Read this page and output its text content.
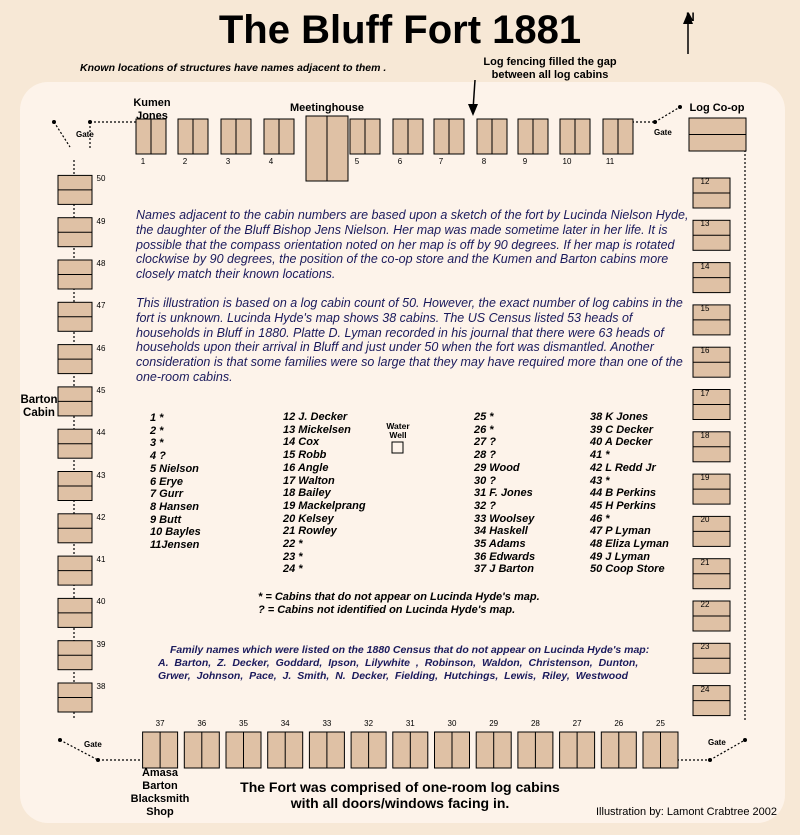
The Bluff Fort 1881	N
Known locations of structures have names adjacent to them .	Log fencing filled the gap
between all log cabins
Kumen
Jones
Meetinghouse	Log Co-op
Barton
Cabin
Amasa
Barton
Blacksmith
Shop
Water
Well
Gate	Gate
Gate	Gate
Names adjacent to the cabin numbers are based upon a sketch of the fort by Lucinda Nielson Hyde, the daughter of the Bluff Bishop Jens Nielson. Her map was made sometime later in her life. It is possible that the compass orientation noted on her map is off by 90 degrees. If her map is rotated clockwise by 90 degrees, the position of the co-op store and the Kumen and Barton cabins more closely match their known locations.
This illustration is based on a log cabin count of 50. However, the exact number of log cabins in the fort is unknown. Lucinda Hyde's map shows 38 cabins. The US Census listed 53 heads of households in Bluff in 1880. Platte D. Lyman recorded in his journal that there were 63 heads of households upon their arrival in Bluff and just under 50 when the fort was dismantled. Another consideration is that some families were so large that they may have required more than one of the one-room cabins.
1 *
2 *
3 *
4 ?
5 Nielson
6 Erye
7 Gurr
8 Hansen
9 Butt
10 Bayles
11Jensen
12 J. Decker
13 Mickelsen
14 Cox
15 Robb
16 Angle
17 Walton
18 Bailey
19 Mackelprang
20 Kelsey
21 Rowley
22 *
23 *
24 *
25 *
26 *
27 ?
28 ?
29 Wood
30 ?
31 F. Jones
32 ?
33 Woolsey
34 Haskell
35 Adams
36 Edwards
37 J Barton
38 K Jones
39 C Decker
40 A Decker
41 *
42 L Redd Jr
43 *
44 B Perkins
45 H Perkins
46 *
47 P Lyman
48 Eliza Lyman
49 J Lyman
50 Coop Store
* = Cabins that do not appear on Lucinda Hyde's map.
? = Cabins not identified on Lucinda Hyde's map.
Family names which were listed on the 1880 Census that do not appear on Lucinda Hyde's map:
A. Barton, Z. Decker, Goddard, Ipson, Lilywhite , Robinson, Waldon, Christenson, Dunton,
Grwer, Johnson, Pace, J. Smith, N. Decker, Fielding, Hutchings, Lewis, Riley, Westwood
The Fort was comprised of one-room log cabins
with all doors/windows facing in.
Illustration by: Lamont Crabtree 2002
1	2	3	4	5	6	7	8	9	10	11
25
26
27
28
29
30
31
32
33
34
35
36
37
12
13
14
15
16
17
18
19
20
21
22
23
24
38
39
40
41
42
43
44
45
46
47
48
49
50
